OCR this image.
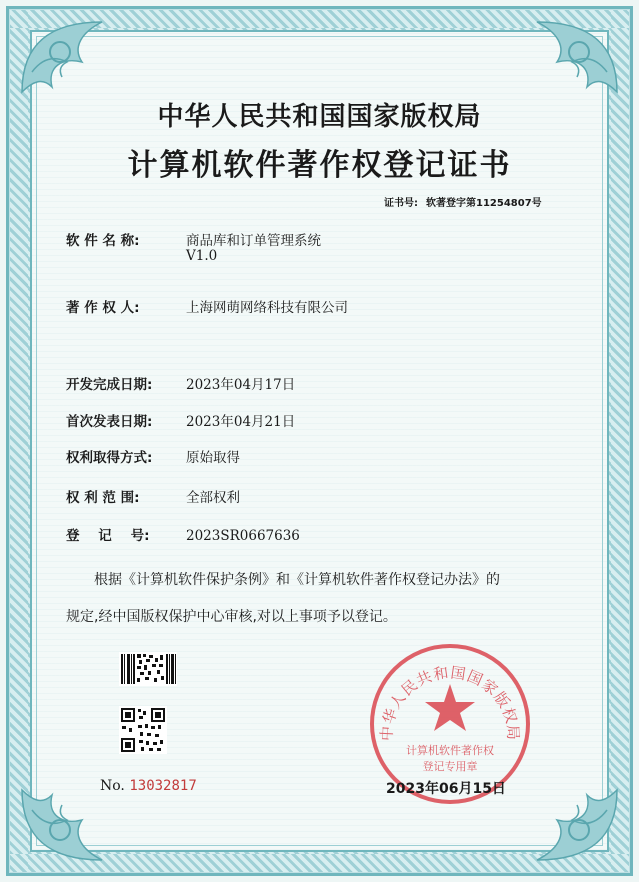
中华人民共和国国家版权局
计算机软件著作权登记证书
证书号: 软著登字第11254807号
软 件 名 称:	商品库和订单管理系统
V1.0
著 作 权 人:	上海网萌网络科技有限公司
开发完成日期: 2023年04月17日
首次发表日期: 2023年04月21日
权利取得方式: 原始取得
权 利 范 围:	全部权利
登    记    号:	2023SR0667636
根据《计算机软件保护条例》和《计算机软件著作权登记办法》的
规定,经中国版权保护中心审核,对以上事项予以登记。
中华人民共和国国家版权局
计算机软件著作权
登记专用章
No. 13032817	2023年06月15日
